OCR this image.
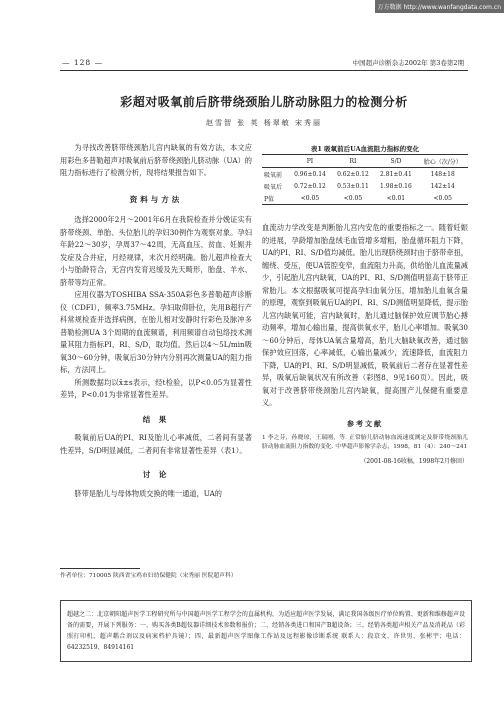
万方数据 http://www.wanfangdata.com.cn
— 128 —	中国超声诊断杂志2002年 第3卷第2期
彩超对吸氧前后脐带绕颈胎儿脐动脉阻力的检测分析
赵雪智 张 英 杨翠敏 宋秀丽
为寻找改善脐带绕颈胎儿宫内缺氧的有效方法，本文应用彩色多普勒超声对吸氧前后脐带绕颈胎儿脐动脉（UA）的阻力指标进行了检测分析，现将结果报告如下。
资料与方法
选择2000年2月～2001年6月在我院检查并分娩证实有脐带绕颈、单胎、头位胎儿的孕妇30例作为观察对象。孕妇年龄22～30岁，孕周37～42周，无高血压、贫血、妊娠并发症及合并症，月经规律，末次月经明确。胎儿超声检查大小与胎龄符合，无宫内发育迟缓及先天畸形，胎盘、羊水、脐带等均正常。
应用仪器为TOSHIBA SSA-350A彩色多普勒超声诊断仪（CDFI），频率3.75MHz。孕妇取仰卧位，先用B超行产科常规检查并选择病例，在胎儿相对安静时行彩色及脉冲多普勒检测UA 3个周期的血流频谱，利用频谱自动包络技术测量其阻力指标PI、RI、S/D，取均值。然后以4～5L/min吸氧30～60分钟，吸氧后30分钟内分别再次测量UA的阻力指标，方法同上。
所测数据均以x̄±s表示，经t检验，以P<0.05为显著性差异，P<0.01为非常显著性差异。
结 果
吸氧前后UA的PI、RI及胎儿心率减低，二者间有显著性差异，S/D明显减低，二者间有非常显著性差异（表1）。
讨 论
脐带是胎儿与母体物质交换的唯一通道，UA的
表1 吸氧前后UA血流阻力指标的变化
	PI	RI	S/D	胎心（次/分）
吸氧前	0.96±0.14	0.62±0.12	2.81±0.41	148±18
吸氧后	0.72±0.12	0.53±0.11	1.98±0.16	142±14
P值	<0.05	<0.05	<0.01	<0.05
血流动力学改变是判断胎儿宫内安危的重要指标之一。随着妊娠的进展，孕龄增加胎盘绒毛血管增多增粗，胎盘循环阻力下降，UA的PI、RI、S/D值均减低。胎儿出现脐绕颈时由于脐带牵扭，缠绕、受压，使UA管腔变窄，血流阻力升高，供给胎儿血流量减少，引起胎儿宫内缺氧，UA的PI、RI、S/D测值明显高于脐带正常胎儿。本文根据吸氧可提高孕妇血氧分压，增加胎儿血氧含量的原理，观察到吸氧后UA的PI、RI、S/D测值明显降低，提示胎儿宫内缺氧可能，宫内缺氧时，胎儿通过脑保护效应调节胎心搏动频率，增加心输出量，提高供氧水平，胎儿心率增加。吸氧30～60分钟后，母体UA氧含量增高，胎儿大脑缺氧改善，通过脑保护效应回落，心率减低，心输出量减少，流速降低，血流阻力下降，UA的PI、RI、S/D明显减低，吸氧前后二者存在显著性差异，吸氧后缺氧状况有所改善（彩图8、9见160页）。因此，吸氧对于改善脐带绕颈胎儿宫内缺氧，提高围产儿保健有重要意义。
参考文献
1 李之芬，孙晓琼，王瑞刚，等. 正常胎儿脐动脉血流速度测定及脐带绕颈胎儿脐动脉血流阻力指数的变化. 中华超声影像学杂志，1998，81（4）：240～241
（2001-08-16收稿，1998年2月修回）
作者单位：710005 陕西省宝鸡市妇幼保健院（宋秀丽 医院超声科）
超越之二：北京朝阳超声医学工程研究所与中国超声医学工程学会的直属机构，为适应超声医学发展，满足我国各级医疗单位购置、更新和维修超声设备的需要，开展下列服务：一、购买各类B超仪器详细技术参数和报价；二、经销各类进口和国产B超设备；三、经销各类超声相关产品及消耗品（彩照打印机、超声耦合剂以及病案档护具镜）；四、最新超声医学图像工作站及远程影像诊断系统 联系人：段京文、许世男、张彬宇；电话：64232519、84914161
